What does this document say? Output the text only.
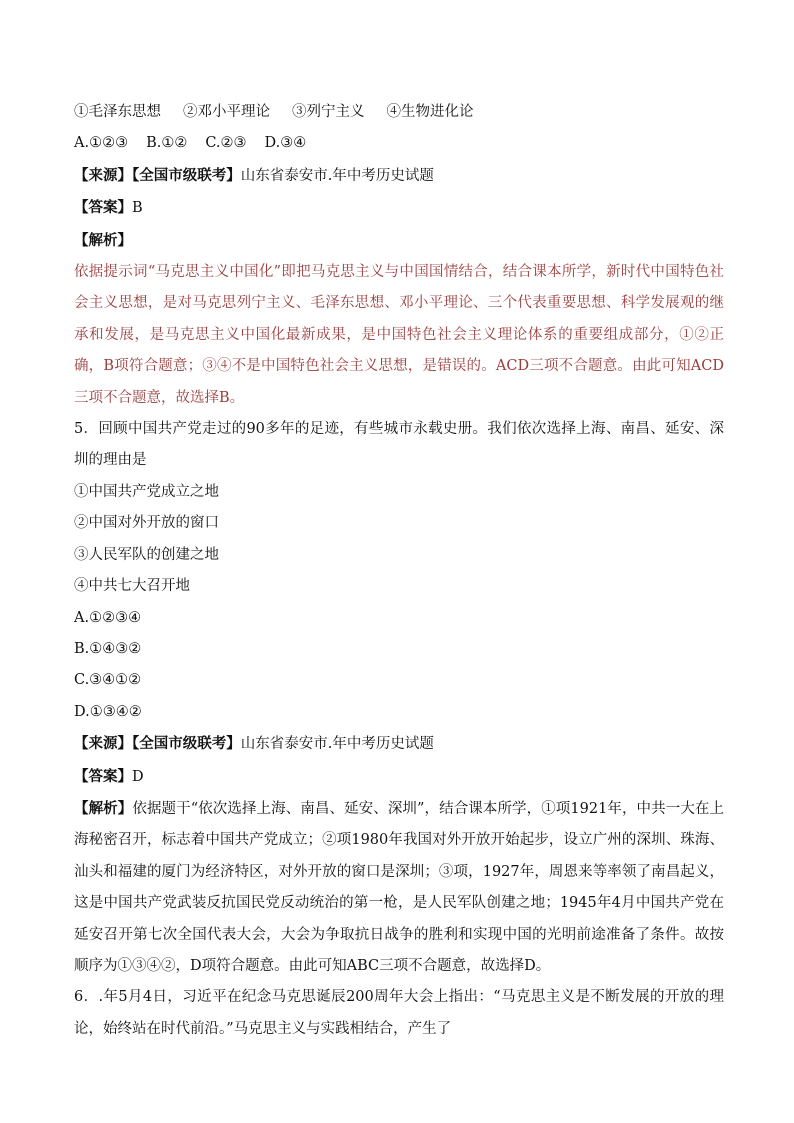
①毛泽东思想 ②邓小平理论 ③列宁主义 ④生物进化论
A.①②③ B.①② C.②③ D.③④
【来源】【全国市级联考】山东省泰安市.年中考历史试题
【答案】B
【解析】
依据提示词“马克思主义中国化”即把马克思主义与中国国情结合，结合课本所学，新时代中国特色社会主义思想，是对马克思列宁主义、毛泽东思想、邓小平理论、三个代表重要思想、科学发展观的继承和发展，是马克思主义中国化最新成果，是中国特色社会主义理论体系的重要组成部分，①②正确，B项符合题意；③④不是中国特色社会主义思想，是错误的。ACD三项不合题意。由此可知ACD三项不合题意，故选择B。
5．回顾中国共产党走过的90多年的足迹，有些城市永载史册。我们依次选择上海、南昌、延安、深圳的理由是
①中国共产党成立之地
②中国对外开放的窗口
③人民军队的创建之地
④中共七大召开地
A.①②③④
B.①④③②
C.③④①②
D.①③④②
【来源】【全国市级联考】山东省泰安市.年中考历史试题
【答案】D
【解析】依据题干“依次选择上海、南昌、延安、深圳”，结合课本所学，①项1921年，中共一大在上海秘密召开，标志着中国共产党成立；②项1980年我国对外开放开始起步，设立广州的深圳、珠海、汕头和福建的厦门为经济特区，对外开放的窗口是深圳；③项，1927年，周恩来等率领了南昌起义，这是中国共产党武装反抗国民党反动统治的第一枪，是人民军队创建之地；1945年4月中国共产党在延安召开第七次全国代表大会，大会为争取抗日战争的胜利和实现中国的光明前途准备了条件。故按顺序为①③④②，D项符合题意。由此可知ABC三项不合题意，故选择D。
6．.年5月4日，习近平在纪念马克思诞辰200周年大会上指出：“马克思主义是不断发展的开放的理论，始终站在时代前沿。”马克思主义与实践相结合，产生了
